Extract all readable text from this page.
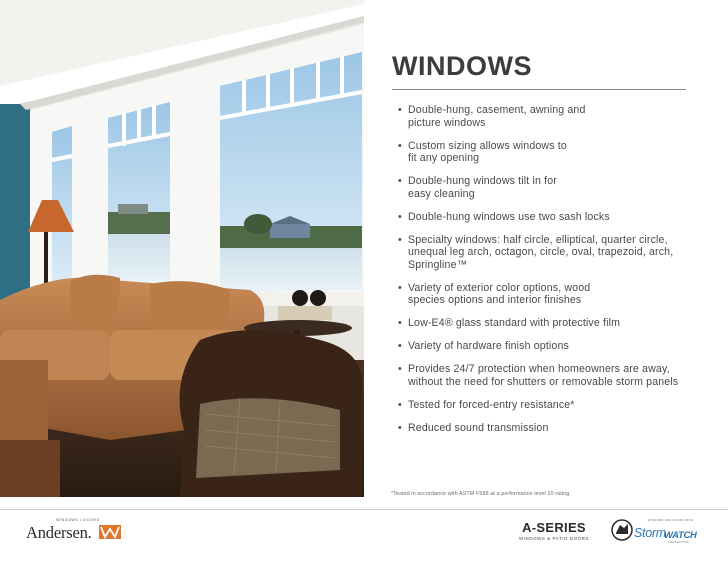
WINDOWS
• Double-hung, casement, awning and picture windows
• Custom sizing allows windows to fit any opening
• Double-hung windows tilt in for easy cleaning
• Double-hung windows use two sash locks
• Specialty windows: half circle, elliptical, quarter circle, unequal leg arch, octagon, circle, oval, trapezoid, arch, Springline™
• Variety of exterior color options, wood species options and interior finishes
• Low-E4® glass standard with protective film
• Variety of hardware finish options
• Provides 24/7 protection when homeowners are away, without the need for shutters or removable storm panels
• Tested for forced-entry resistance*
• Reduced sound transmission
*Tested in accordance with ASTM F588 at a performance level 10 rating.
WINDOWS • DOORS
Andersen.	A-SERIES
WINDOWS & PATIO DOORS
WINDOWS AND DOORS WITH
Storm
WATCH
PROTECTION
